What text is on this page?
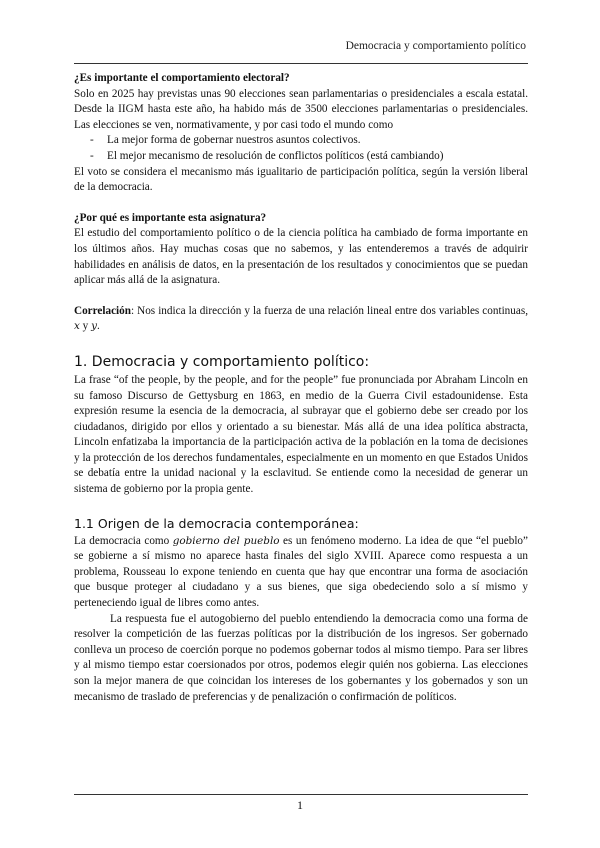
Democracia y comportamiento político

¿Es importante el comportamiento electoral?

Solo en 2025 hay previstas unas 90 elecciones sean parlamentarias o presidenciales a escala estatal. Desde la IIGM hasta este año, ha habido más de 3500 elecciones parlamentarias o presidenciales. Las elecciones se ven, normativamente, y por casi todo el mundo como

- La mejor forma de gobernar nuestros asuntos colectivos.
- El mejor mecanismo de resolución de conflictos políticos (está cambiando)

El voto se considera el mecanismo más igualitario de participación política, según la versión liberal de la democracia.

¿Por qué es importante esta asignatura?

El estudio del comportamiento político o de la ciencia política ha cambiado de forma importante en los últimos años. Hay muchas cosas que no sabemos, y las entenderemos a través de adquirir habilidades en análisis de datos, en la presentación de los resultados y conocimientos que se puedan aplicar más allá de la asignatura.

Correlación: Nos indica la dirección y la fuerza de una relación lineal entre dos variables continuas, x y y.

1. Democracia y comportamiento político:

La frase “of the people, by the people, and for the people” fue pronunciada por Abraham Lincoln en su famoso Discurso de Gettysburg en 1863, en medio de la Guerra Civil estadounidense. Esta expresión resume la esencia de la democracia, al subrayar que el gobierno debe ser creado por los ciudadanos, dirigido por ellos y orientado a su bienestar. Más allá de una idea política abstracta, Lincoln enfatizaba la importancia de la participación activa de la población en la toma de decisiones y la protección de los derechos fundamentales, especialmente en un momento en que Estados Unidos se debatía entre la unidad nacional y la esclavitud. Se entiende como la necesidad de generar un sistema de gobierno por la propia gente.

1.1 Origen de la democracia contemporánea:

La democracia como gobierno del pueblo es un fenómeno moderno. La idea de que “el pueblo” se gobierne a sí mismo no aparece hasta finales del siglo XVIII. Aparece como respuesta a un problema, Rousseau lo expone teniendo en cuenta que hay que encontrar una forma de asociación que busque proteger al ciudadano y a sus bienes, que siga obedeciendo solo a sí mismo y perteneciendo igual de libres como antes.

La respuesta fue el autogobierno del pueblo entendiendo la democracia como una forma de resolver la competición de las fuerzas políticas por la distribución de los ingresos. Ser gobernado conlleva un proceso de coerción porque no podemos gobernar todos al mismo tiempo. Para ser libres y al mismo tiempo estar coersionados por otros, podemos elegir quién nos gobierna. Las elecciones son la mejor manera de que coincidan los intereses de los gobernantes y los gobernados y son un mecanismo de traslado de preferencias y de penalización o confirmación de políticos.

1
